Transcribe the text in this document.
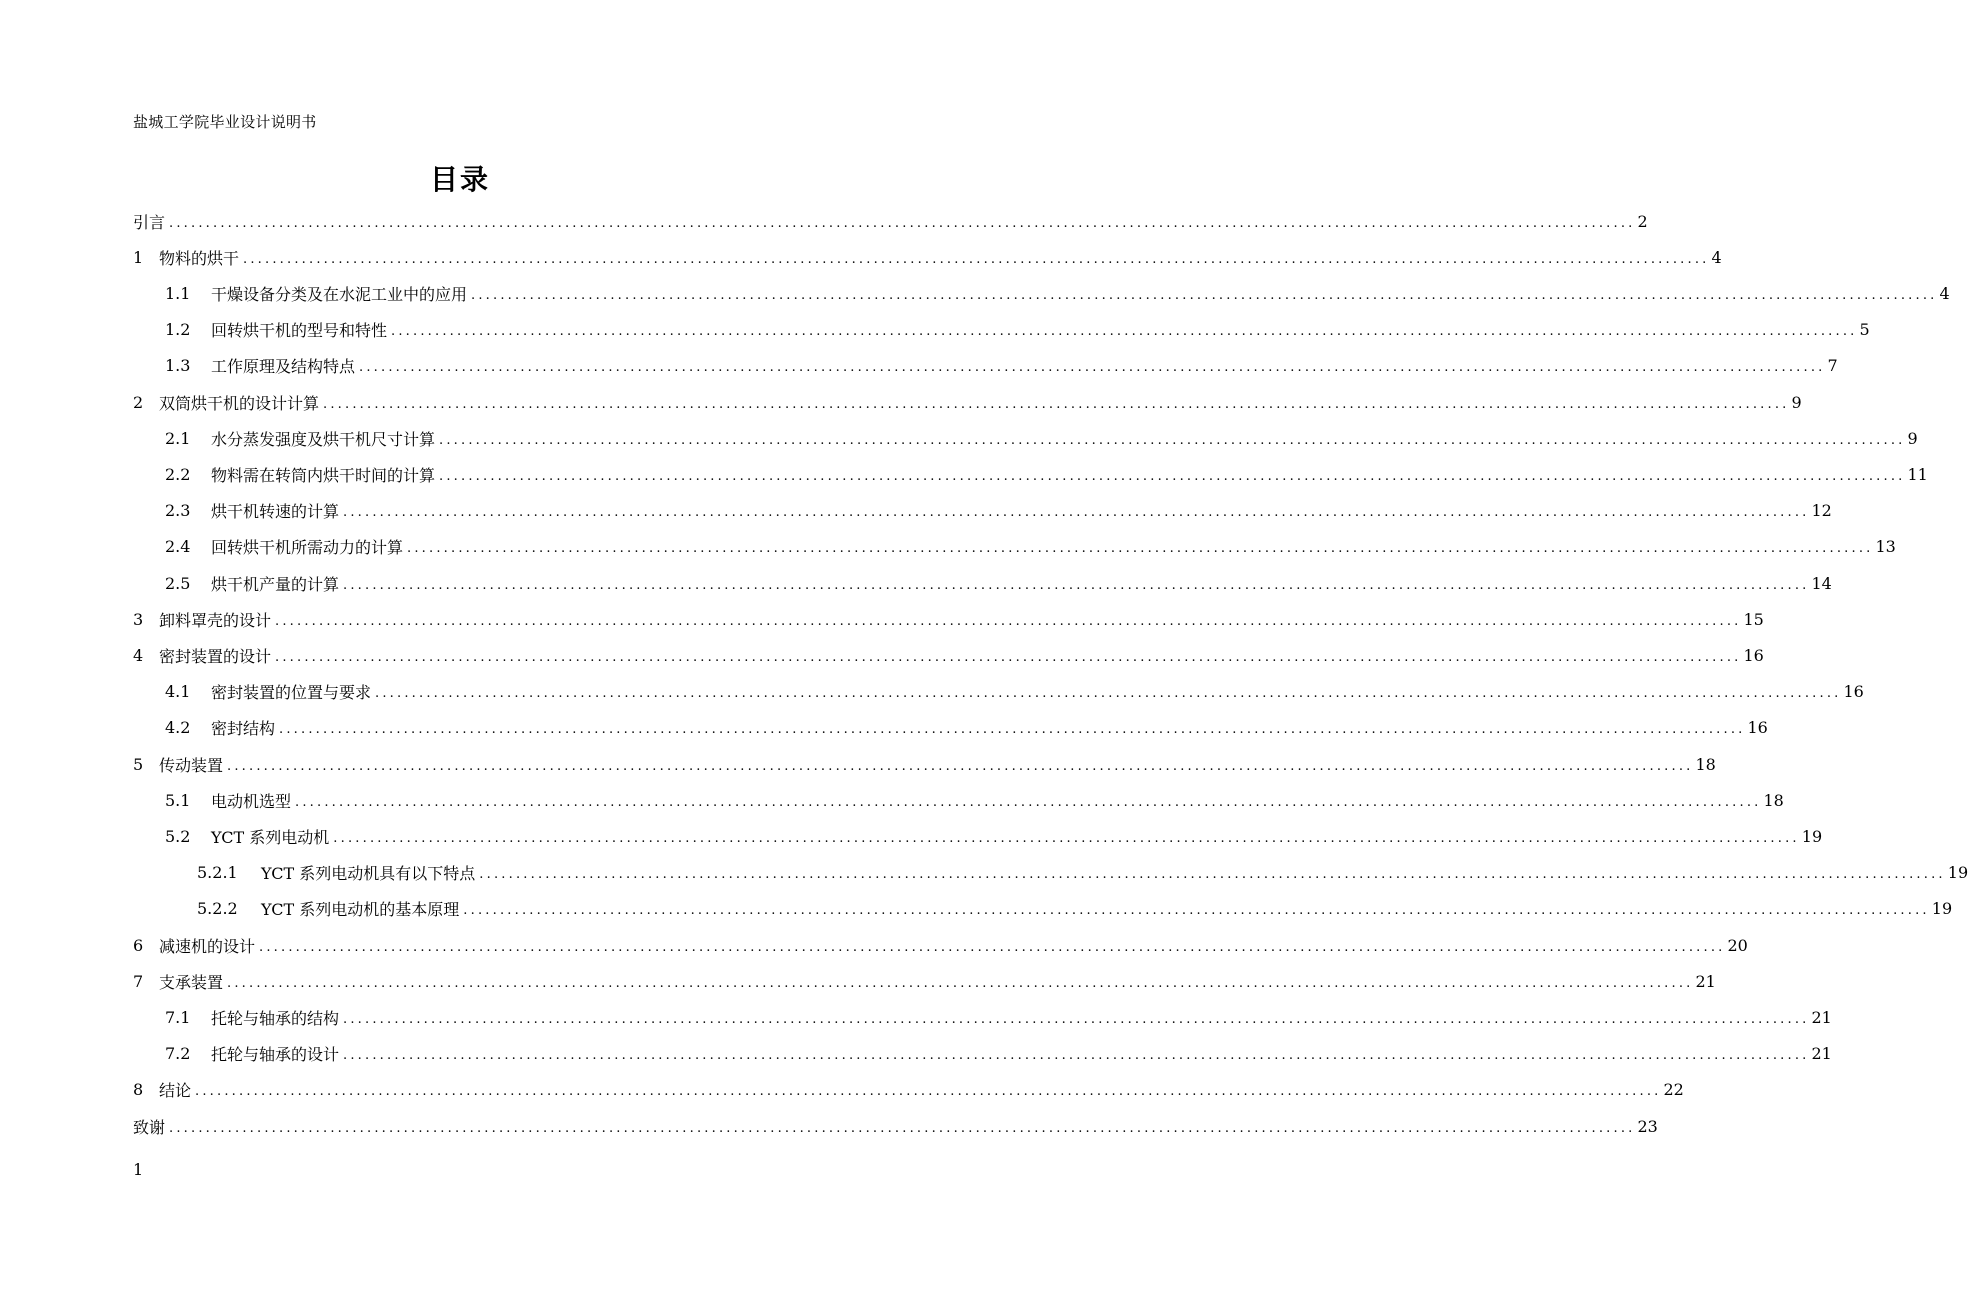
盐城工学院毕业设计说明书
目录
引言 ........................................................................................................................................................................................................ 2
1 物料的烘干 ........................................................................................................................................................................................................ 4
1.1	干燥设备分类及在水泥工业中的应用 ........................................................................................................................................................................................................ 4
1.2	回转烘干机的型号和特性 ........................................................................................................................................................................................................ 5
1.3	工作原理及结构特点 ........................................................................................................................................................................................................ 7
2 双筒烘干机的设计计算 ........................................................................................................................................................................................................ 9
2.1	水分蒸发强度及烘干机尺寸计算 ........................................................................................................................................................................................................ 9
2.2	物料需在转筒内烘干时间的计算 ........................................................................................................................................................................................................ 11
2.3	烘干机转速的计算 ........................................................................................................................................................................................................ 12
2.4	回转烘干机所需动力的计算 ........................................................................................................................................................................................................ 13
2.5	烘干机产量的计算 ........................................................................................................................................................................................................ 14
3 卸料罩壳的设计 ........................................................................................................................................................................................................ 15
4 密封装置的设计 ........................................................................................................................................................................................................ 16
4.1	密封装置的位置与要求 ........................................................................................................................................................................................................ 16
4.2	密封结构 ........................................................................................................................................................................................................ 16
5 传动装置 ........................................................................................................................................................................................................ 18
5.1	电动机选型 ........................................................................................................................................................................................................ 18
5.2	YCT 系列电动机 ........................................................................................................................................................................................................ 19
5.2.1	YCT 系列电动机具有以下特点 ........................................................................................................................................................................................................ 19
5.2.2	YCT 系列电动机的基本原理 ........................................................................................................................................................................................................ 19
6 减速机的设计 ........................................................................................................................................................................................................ 20
7 支承装置 ........................................................................................................................................................................................................ 21
7.1	托轮与轴承的结构 ........................................................................................................................................................................................................ 21
7.2	托轮与轴承的设计 ........................................................................................................................................................................................................ 21
8 结论 ........................................................................................................................................................................................................ 22
致谢 ........................................................................................................................................................................................................ 23
1
